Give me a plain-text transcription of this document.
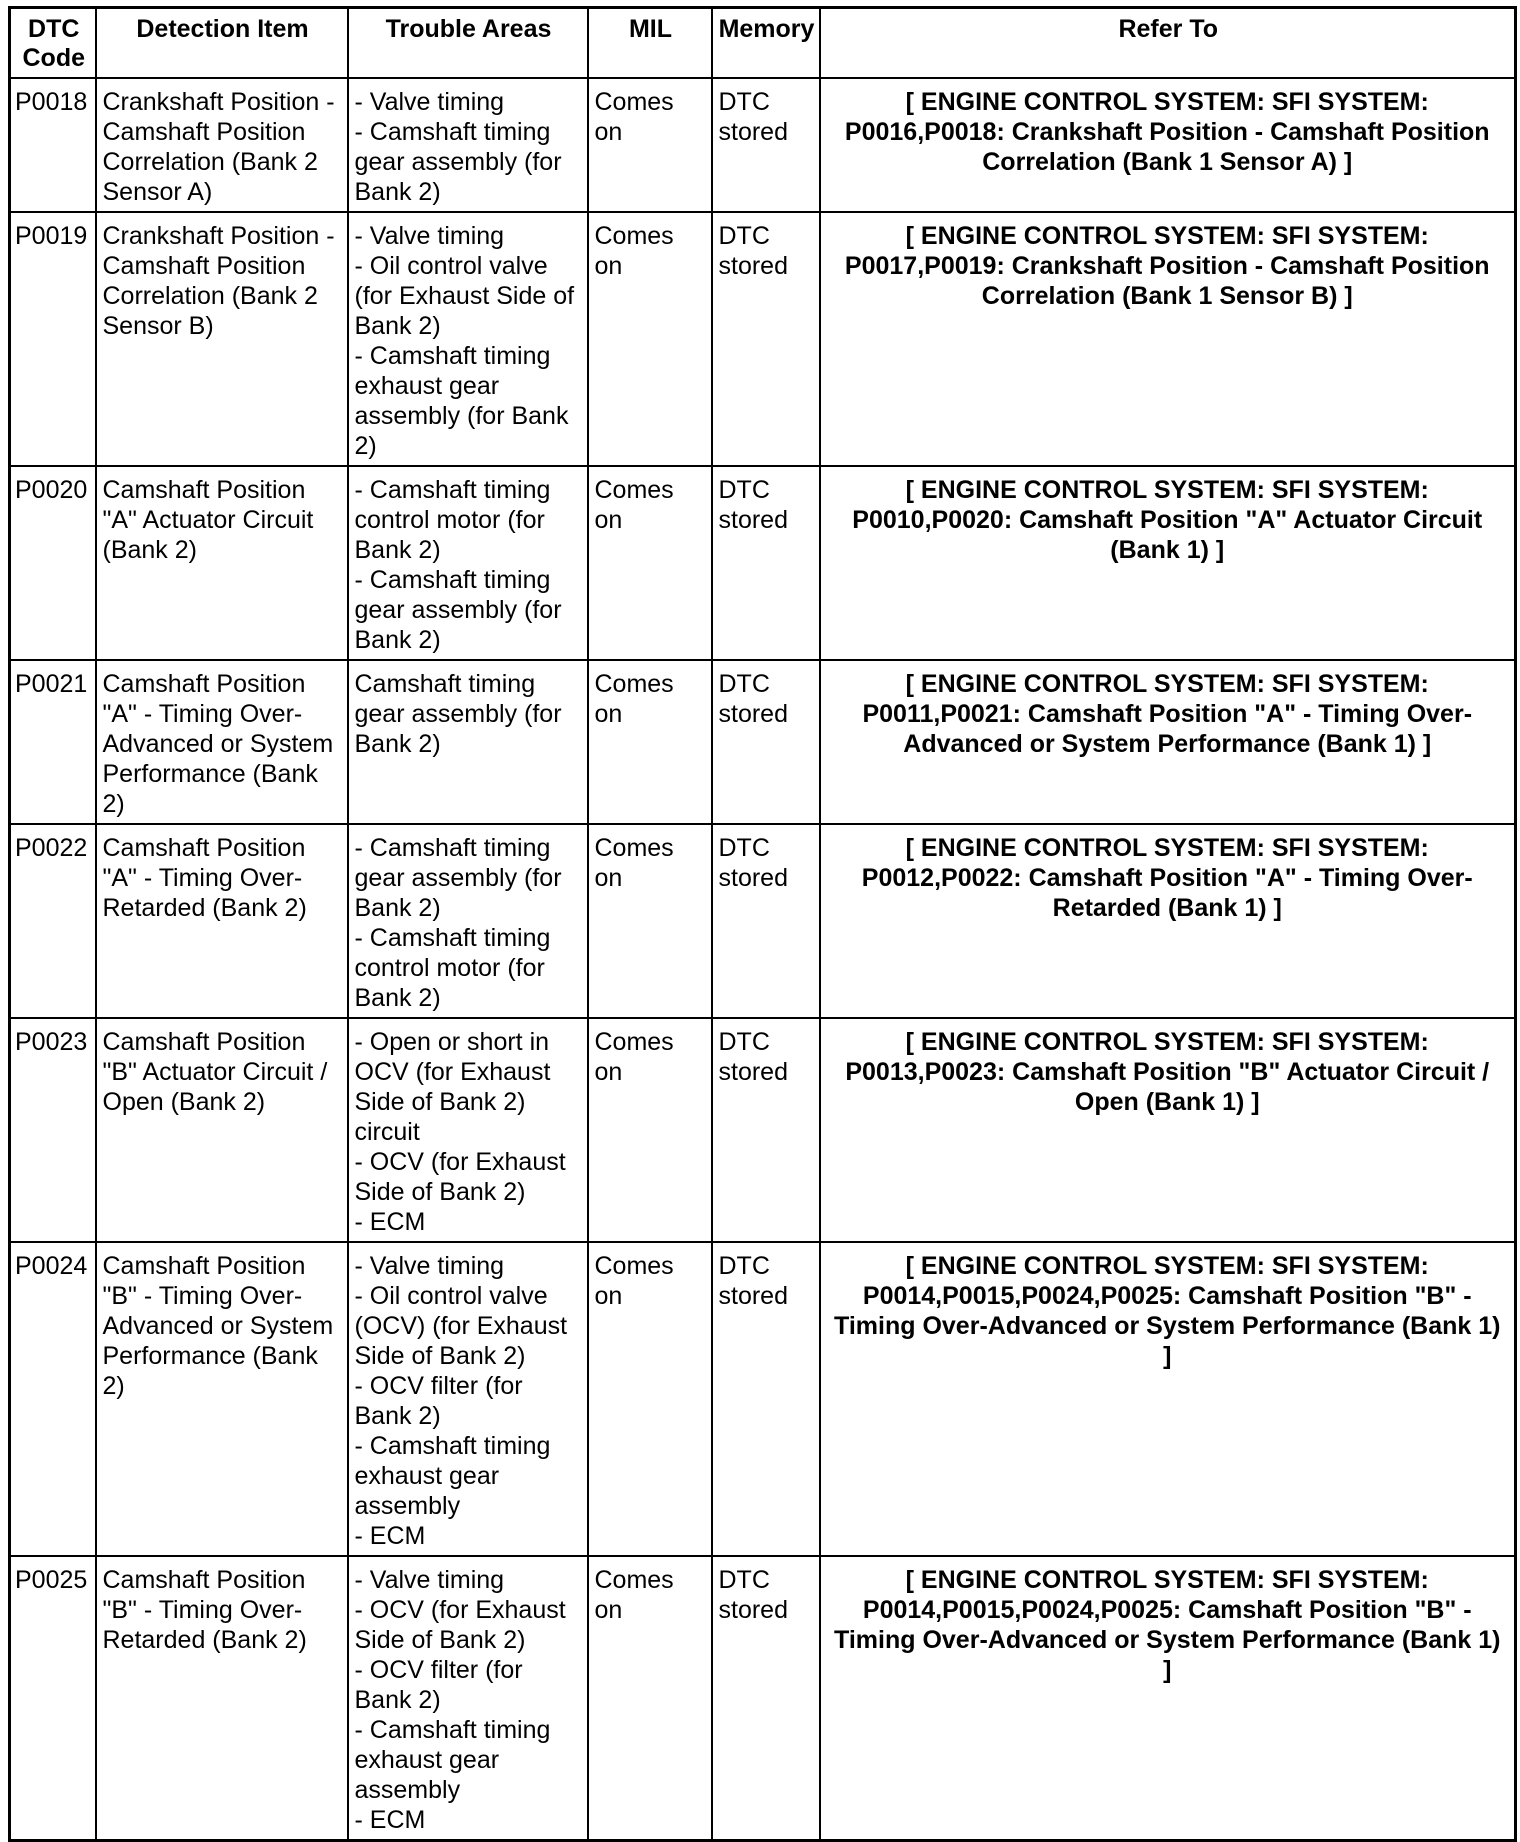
DTC Code	Detection Item	Trouble Areas	MIL	Memory	Refer To
P0018	Crankshaft Position - Camshaft Position Correlation (Bank 2 Sensor A)	- Valve timing
- Camshaft timing gear assembly (for Bank 2)	Comes on	DTC stored	[ ENGINE CONTROL SYSTEM: SFI SYSTEM: P0016,P0018: Crankshaft Position - Camshaft Position Correlation (Bank 1 Sensor A) ]
P0019	Crankshaft Position - Camshaft Position Correlation (Bank 2 Sensor B)	- Valve timing
- Oil control valve (for Exhaust Side of Bank 2)
- Camshaft timing exhaust gear assembly (for Bank 2)	Comes on	DTC stored	[ ENGINE CONTROL SYSTEM: SFI SYSTEM: P0017,P0019: Crankshaft Position - Camshaft Position Correlation (Bank 1 Sensor B) ]
P0020	Camshaft Position "A" Actuator Circuit (Bank 2)	- Camshaft timing control motor (for Bank 2)
- Camshaft timing gear assembly (for Bank 2)	Comes on	DTC stored	[ ENGINE CONTROL SYSTEM: SFI SYSTEM: P0010,P0020: Camshaft Position "A" Actuator Circuit (Bank 1) ]
P0021	Camshaft Position "A" - Timing Over-Advanced or System Performance (Bank 2)	Camshaft timing gear assembly (for Bank 2)	Comes on	DTC stored	[ ENGINE CONTROL SYSTEM: SFI SYSTEM: P0011,P0021: Camshaft Position "A" - Timing Over-Advanced or System Performance (Bank 1) ]
P0022	Camshaft Position "A" - Timing Over-Retarded (Bank 2)	- Camshaft timing gear assembly (for Bank 2)
- Camshaft timing control motor (for Bank 2)	Comes on	DTC stored	[ ENGINE CONTROL SYSTEM: SFI SYSTEM: P0012,P0022: Camshaft Position "A" - Timing Over-Retarded (Bank 1) ]
P0023	Camshaft Position "B" Actuator Circuit / Open (Bank 2)	- Open or short in OCV (for Exhaust Side of Bank 2) circuit
- OCV (for Exhaust Side of Bank 2)
- ECM	Comes on	DTC stored	[ ENGINE CONTROL SYSTEM: SFI SYSTEM: P0013,P0023: Camshaft Position "B" Actuator Circuit / Open (Bank 1) ]
P0024	Camshaft Position "B" - Timing Over-Advanced or System Performance (Bank 2)	- Valve timing
- Oil control valve (OCV) (for Exhaust Side of Bank 2)
- OCV filter (for Bank 2)
- Camshaft timing exhaust gear assembly
- ECM	Comes on	DTC stored	[ ENGINE CONTROL SYSTEM: SFI SYSTEM: P0014,P0015,P0024,P0025: Camshaft Position "B" - Timing Over-Advanced or System Performance (Bank 1) ]
P0025	Camshaft Position "B" - Timing Over-Retarded (Bank 2)	- Valve timing
- OCV (for Exhaust Side of Bank 2)
- OCV filter (for Bank 2)
- Camshaft timing exhaust gear assembly
- ECM	Comes on	DTC stored	[ ENGINE CONTROL SYSTEM: SFI SYSTEM: P0014,P0015,P0024,P0025: Camshaft Position "B" - Timing Over-Advanced or System Performance (Bank 1) ]
